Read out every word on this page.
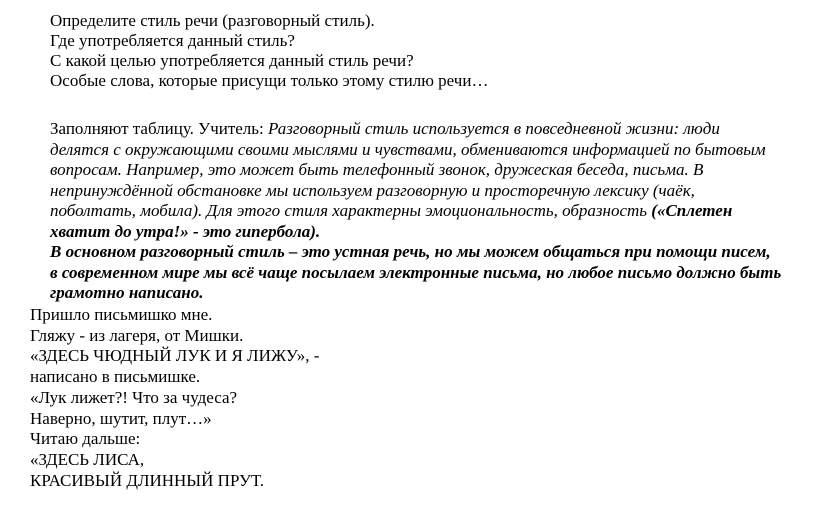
Определите стиль речи (разговорный стиль).
Где употребляется данный стиль?
С какой целью употребляется данный стиль речи?
Особые слова, которые присущи только этому стилю речи…
Заполняют таблицу. Учитель: Разговорный стиль используется в повседневной жизни: люди
делятся с окружающими своими мыслями и чувствами, обмениваются информацией по бытовым
вопросам. Например, это может быть телефонный звонок, дружеская беседа, письма. В
непринуждённой обстановке мы используем разговорную и просторечную лексику (чаёк,
поболтать, мобила). Для этого стиля характерны эмоциональность, образность («Сплетен
хватит до утра!» - это гипербола).
В основном разговорный стиль – это устная речь, но мы можем общаться при помощи писем,
в современном мире мы всё чаще посылаем электронные письма, но любое письмо должно быть
грамотно написано.
Пришло письмишко мне.
Гляжу - из лагеря, от Мишки.
«ЗДЕСЬ ЧЮДНЫЙ ЛУК И Я ЛИЖУ», -
написано в письмишке.
«Лук лижет?! Что за чудеса?
Наверно, шутит, плут…»
Читаю дальше:
«ЗДЕСЬ ЛИСА,
КРАСИВЫЙ ДЛИННЫЙ ПРУТ.
